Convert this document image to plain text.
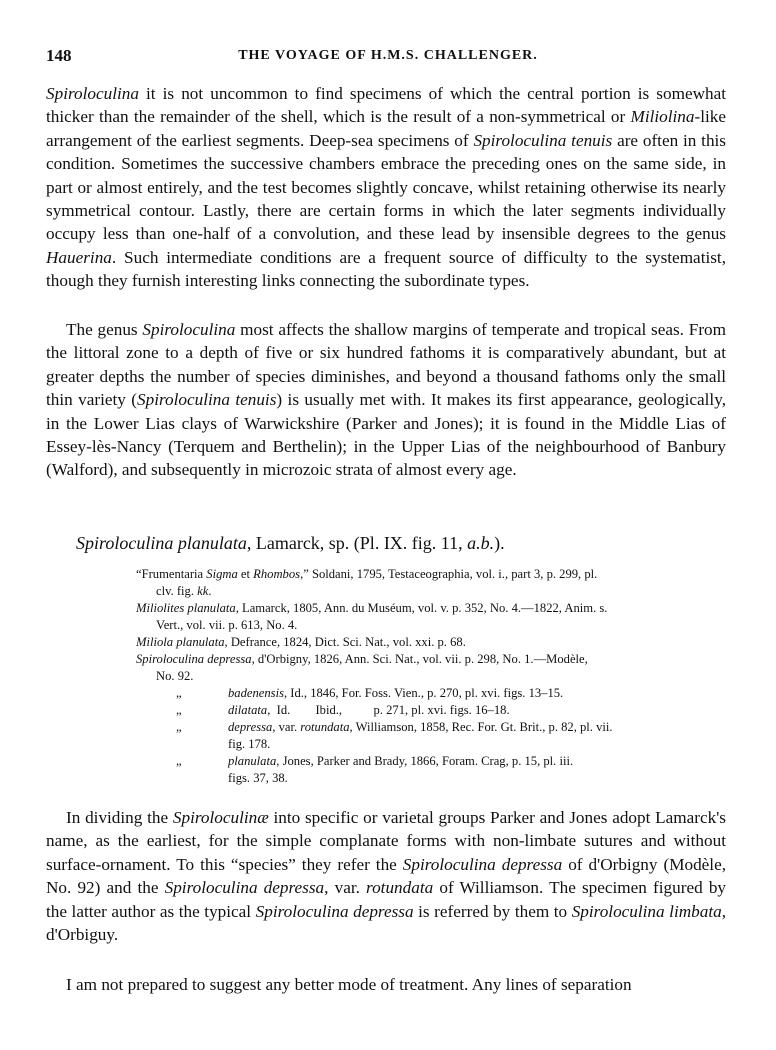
148	THE VOYAGE OF H.M.S. CHALLENGER.

Spiroloculina it is not uncommon to find specimens of which the central portion is somewhat thicker than the remainder of the shell, which is the result of a non-symmetrical or Miliolina-like arrangement of the earliest segments. Deep-sea specimens of Spiroloculina tenuis are often in this condition. Sometimes the successive chambers embrace the preceding ones on the same side, in part or almost entirely, and the test becomes slightly concave, whilst retaining otherwise its nearly symmetrical contour. Lastly, there are certain forms in which the later segments individually occupy less than one-half of a convolution, and these lead by insensible degrees to the genus Hauerina. Such intermediate conditions are a frequent source of difficulty to the systematist, though they furnish interesting links connecting the subordinate types.

The genus Spiroloculina most affects the shallow margins of temperate and tropical seas. From the littoral zone to a depth of five or six hundred fathoms it is comparatively abundant, but at greater depths the number of species diminishes, and beyond a thousand fathoms only the small thin variety (Spiroloculina tenuis) is usually met with. It makes its first appearance, geologically, in the Lower Lias clays of Warwickshire (Parker and Jones); it is found in the Middle Lias of Essey-lès-Nancy (Terquem and Berthelin); in the Upper Lias of the neighbourhood of Banbury (Walford), and subsequently in microzoic strata of almost every age.

Spiroloculina planulata, Lamarck, sp. (Pl. IX. fig. 11, a.b.).
“Frumentaria Sigma et Rhombos,” Soldani, 1795, Testaceographia, vol. i., part 3, p. 299, pl.
clv. fig. kk.
Miliolites planulata, Lamarck, 1805, Ann. du Muséum, vol. v. p. 352, No. 4.—1822, Anim. s.
Vert., vol. vii. p. 613, No. 4.
Miliola planulata, Defrance, 1824, Dict. Sci. Nat., vol. xxi. p. 68.
Spiroloculina depressa, d'Orbigny, 1826, Ann. Sci. Nat., vol. vii. p. 298, No. 1.—Modèle,
No. 92.
„	badenensis, Id., 1846, For. Foss. Vien., p. 270, pl. xvi. figs. 13–15.
„	dilatata,  Id.        Ibid.,          p. 271, pl. xvi. figs. 16–18.
„	depressa, var. rotundata, Williamson, 1858, Rec. For. Gt. Brit., p. 82, pl. vii.
fig. 178.
„	planulata, Jones, Parker and Brady, 1866, Foram. Crag, p. 15, pl. iii.
figs. 37, 38.

In dividing the Spiroloculinæ into specific or varietal groups Parker and Jones adopt Lamarck's name, as the earliest, for the simple complanate forms with non-limbate sutures and without surface-ornament. To this “species” they refer the Spiroloculina depressa of d'Orbigny (Modèle, No. 92) and the Spiroloculina depressa, var. rotundata of Williamson. The specimen figured by the latter author as the typical Spiroloculina depressa is referred by them to Spiroloculina limbata, d'Orbiguy.

I am not prepared to suggest any better mode of treatment. Any lines of separation
